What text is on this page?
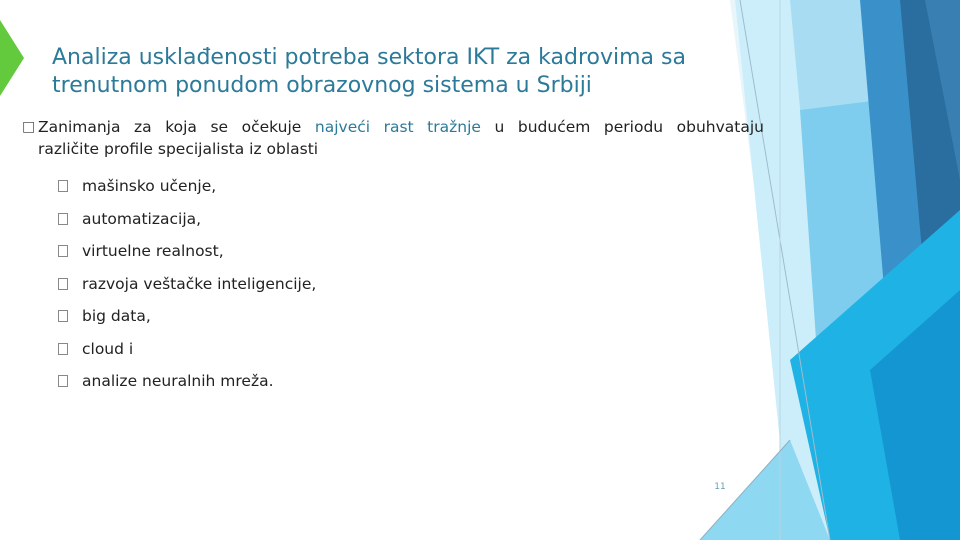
Analiza usklađenosti potreba sektora IKT za kadrovima sa
trenutnom ponudom obrazovnog sistema u Srbiji
□ Zanimanja za koja se očekuje najveći rast tražnje u budućem periodu obuhvataju
različite profile specijalista iz oblasti
mašinsko učenje,
automatizacija,
virtuelne realnost,
razvoja veštačke inteligencije,
big data,
cloud i
analize neuralnih mreža.
11
